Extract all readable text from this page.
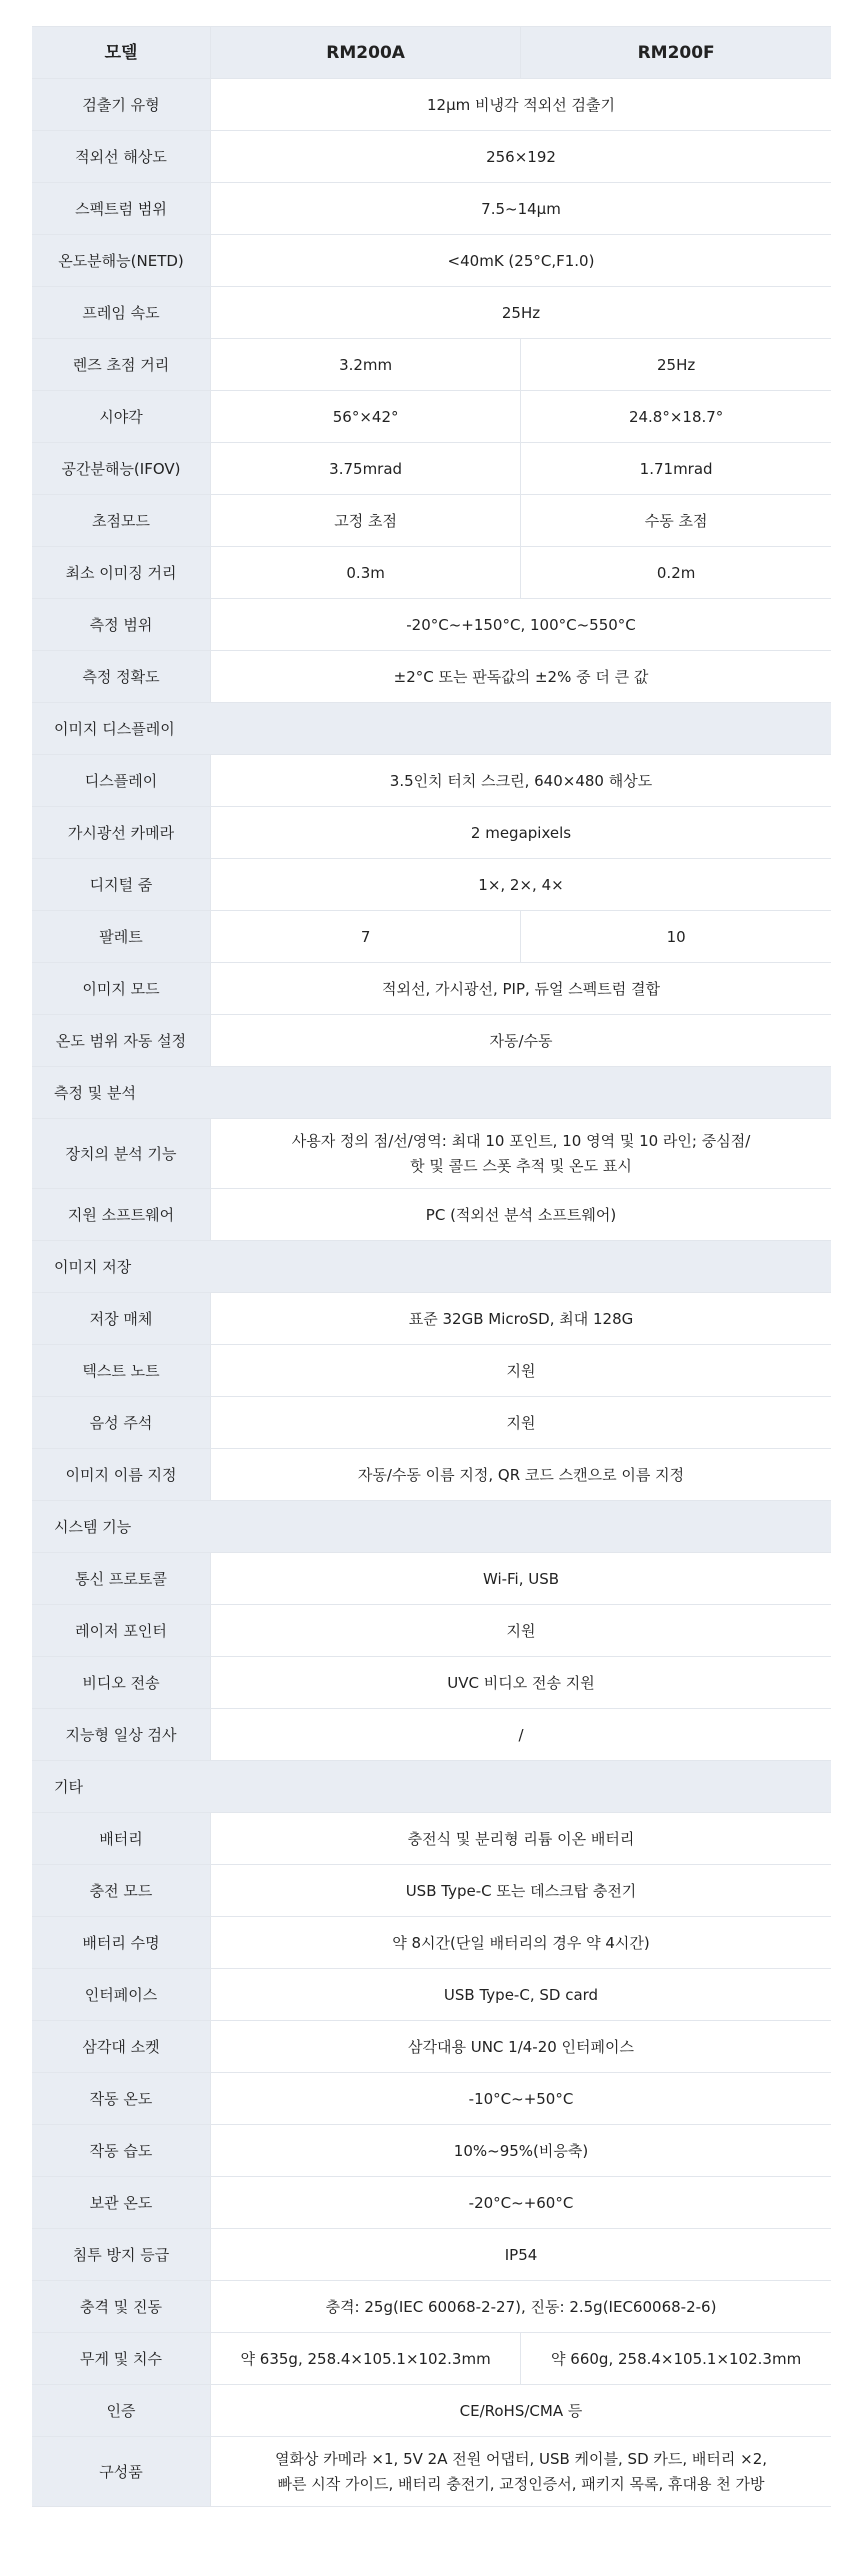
모델	RM200A	RM200F
검출기 유형	12µm 비냉각 적외선 검출기	
적외선 해상도	256×192	
스펙트럼 범위	7.5~14µm	
온도분해능(NETD)	<40mK (25°C,F1.0)	
프레임 속도	25Hz	
렌즈 초점 거리	3.2mm	25Hz
시야각	56°×42°	24.8°×18.7°
공간분해능(IFOV)	3.75mrad	1.71mrad
초점모드	고정 초점	수동 초점
최소 이미징 거리	0.3m	0.2m
측정 범위	-20°C~+150°C, 100°C~550°C	
측정 정확도	±2°C 또는 판독값의 ±2% 중 더 큰 값	
이미지 디스플레이		
디스플레이	3.5인치 터치 스크린, 640×480 해상도	
가시광선 카메라	2 megapixels	
디지털 줌	1×, 2×, 4×	
팔레트	7	10
이미지 모드	적외선, 가시광선, PIP, 듀얼 스펙트럼 결합	
온도 범위 자동 설정	자동/수동	
측정 및 분석		
장치의 분석 기능	사용자 정의 점/선/영역: 최대 10 포인트, 10 영역 및 10 라인; 중심점/
핫 및 콜드 스폿 추적 및 온도 표시	
지원 소프트웨어	PC (적외선 분석 소프트웨어)	
이미지 저장		
저장 매체	표준 32GB MicroSD, 최대 128G	
텍스트 노트	지원	
음성 주석	지원	
이미지 이름 지정	자동/수동 이름 지정, QR 코드 스캔으로 이름 지정	
시스템 기능		
통신 프로토콜	Wi-Fi, USB	
레이저 포인터	지원	
비디오 전송	UVC 비디오 전송 지원	
지능형 일상 검사	/	
기타		
배터리	충전식 및 분리형 리튬 이온 배터리	
충전 모드	USB Type-C 또는 데스크탑 충전기	
배터리 수명	약 8시간(단일 배터리의 경우 약 4시간)	
인터페이스	USB Type-C, SD card	
삼각대 소켓	삼각대용 UNC 1/4-20 인터페이스	
작동 온도	-10°C~+50°C	
작동 습도	10%~95%(비응축)	
보관 온도	-20°C~+60°C	
침투 방지 등급	IP54	
충격 및 진동	충격: 25g(IEC 60068-2-27), 진동: 2.5g(IEC60068-2-6)	
무게 및 치수	약 635g, 258.4×105.1×102.3mm	약 660g, 258.4×105.1×102.3mm
인증	CE/RoHS/CMA 등	
구성품	열화상 카메라 ×1, 5V 2A 전원 어댑터, USB 케이블, SD 카드, 배터리 ×2,
빠른 시작 가이드, 배터리 충전기, 교정인증서, 패키지 목록, 휴대용 천 가방	
